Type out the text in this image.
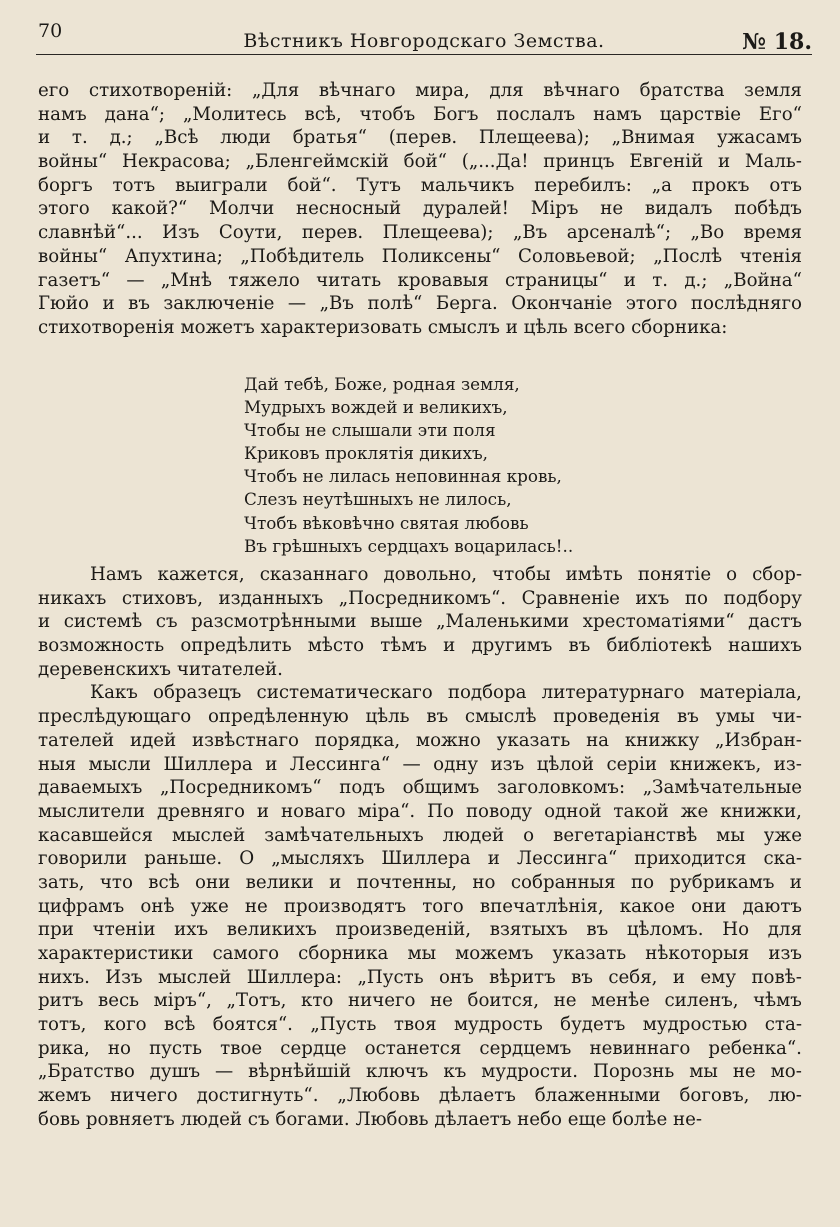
70	Вѣстникъ Новгородскаго Земства.	№ 18.
его стихотвореній: „Для вѣчнаго мира, для вѣчнаго братства земля
намъ дана“; „Молитесь всѣ, чтобъ Богъ послалъ намъ царствіе Его“
и т. д.; „Всѣ люди братья“ (перев. Плещеева); „Внимая ужасамъ
войны“ Некрасова; „Бленгеймскій бой“ („...Да! принцъ Евгеній и Маль-
боргъ тотъ выиграли бой“. Тутъ мальчикъ перебилъ: „а прокъ отъ
этого какой?“ Молчи несносный дуралей! Міръ не видалъ побѣдъ
славнѣй“... Изъ Соути, перев. Плещеева); „Въ арсеналѣ“; „Во время
войны“ Апухтина; „Побѣдитель Поликсены“ Соловьевой; „Послѣ чтенія
газетъ“ — „Мнѣ тяжело читать кровавыя страницы“ и т. д.; „Война“
Гюйо и въ заключеніе — „Въ полѣ“ Берга. Окончаніе этого послѣдняго
стихотворенія можетъ характеризовать смыслъ и цѣль всего сборника:
Дай тебѣ, Боже, родная земля,
Мудрыхъ вождей и великихъ,
Чтобы не слышали эти поля
Криковъ проклятія дикихъ,
Чтобъ не лилась неповинная кровь,
Слезъ неутѣшныхъ не лилось,
Чтобъ вѣковѣчно святая любовь
Въ грѣшныхъ сердцахъ воцарилась!..
Намъ кажется, сказаннаго довольно, чтобы имѣть понятіе о сбор-
никахъ стиховъ, изданныхъ „Посредникомъ“. Сравненіе ихъ по подбору
и системѣ съ разсмотрѣнными выше „Маленькими хрестоматіями“ дастъ
возможность опредѣлить мѣсто тѣмъ и другимъ въ библіотекѣ нашихъ
деревенскихъ читателей.
Какъ образецъ систематическаго подбора литературнаго матеріала,
преслѣдующаго опредѣленную цѣль въ смыслѣ проведенія въ умы чи-
тателей идей извѣстнаго порядка, можно указать на книжку „Избран-
ныя мысли Шиллера и Лессинга“ — одну изъ цѣлой серіи книжекъ, из-
даваемыхъ „Посредникомъ“ подъ общимъ заголовкомъ: „Замѣчательные
мыслители древняго и новаго міра“. По поводу одной такой же книжки,
касавшейся мыслей замѣчательныхъ людей о вегетаріанствѣ мы уже
говорили раньше. О „мысляхъ Шиллера и Лессинга“ приходится ска-
зать, что всѣ они велики и почтенны, но собранныя по рубрикамъ и
цифрамъ онѣ уже не производятъ того впечатлѣнія, какое они даютъ
при чтеніи ихъ великихъ произведеній, взятыхъ въ цѣломъ. Но для
характеристики самого сборника мы можемъ указать нѣкоторыя изъ
нихъ. Изъ мыслей Шиллера: „Пусть онъ вѣритъ въ себя, и ему повѣ-
ритъ весь міръ“, „Тотъ, кто ничего не боится, не менѣе силенъ, чѣмъ
тотъ, кого всѣ боятся“. „Пусть твоя мудрость будетъ мудростью ста-
рика, но пусть твое сердце останется сердцемъ невиннаго ребенка“.
„Братство душъ — вѣрнѣйшій ключъ къ мудрости. Порознь мы не мо-
жемъ ничего достигнуть“. „Любовь дѣлаетъ блаженными боговъ, лю-
бовь ровняетъ людей съ богами. Любовь дѣлаетъ небо еще болѣе не-
